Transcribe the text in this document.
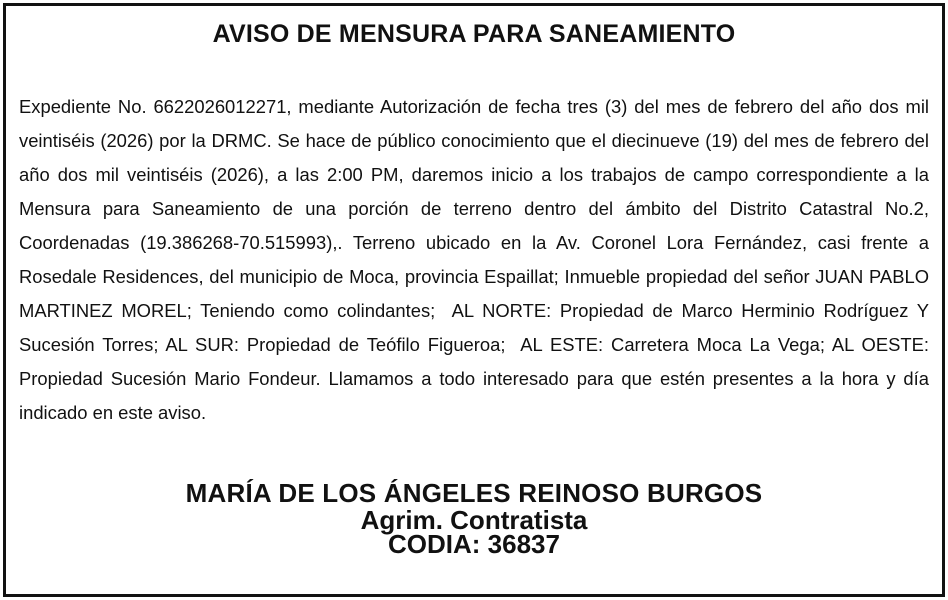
AVISO DE MENSURA PARA SANEAMIENTO
Expediente No. 6622026012271, mediante Autorización de fecha tres (3) del mes de febrero del año dos mil veintiséis (2026) por la DRMC. Se hace de público conocimiento que el diecinueve (19) del mes de febrero del año dos mil veintiséis (2026), a las 2:00 PM, daremos inicio a los trabajos de campo correspondiente a la Mensura para Saneamiento de una porción de terreno dentro del ámbito del Distrito Catastral No.2, Coordenadas (19.386268-70.515993),. Terreno ubicado en la Av. Coronel Lora Fernández, casi frente a Rosedale Residences, del municipio de Moca, provincia Espaillat; Inmueble propiedad del señor JUAN PABLO MARTINEZ MOREL; Teniendo como colindantes;  AL NORTE: Propiedad de Marco Herminio Rodríguez Y Sucesión Torres; AL SUR: Propiedad de Teófilo Figueroa;  AL ESTE: Carretera Moca La Vega; AL OESTE: Propiedad Sucesión Mario Fondeur. Llamamos a todo interesado para que estén presentes a la hora y día indicado en este aviso.
MARÍA DE LOS ÁNGELES REINOSO BURGOS
Agrim. Contratista
CODIA: 36837
